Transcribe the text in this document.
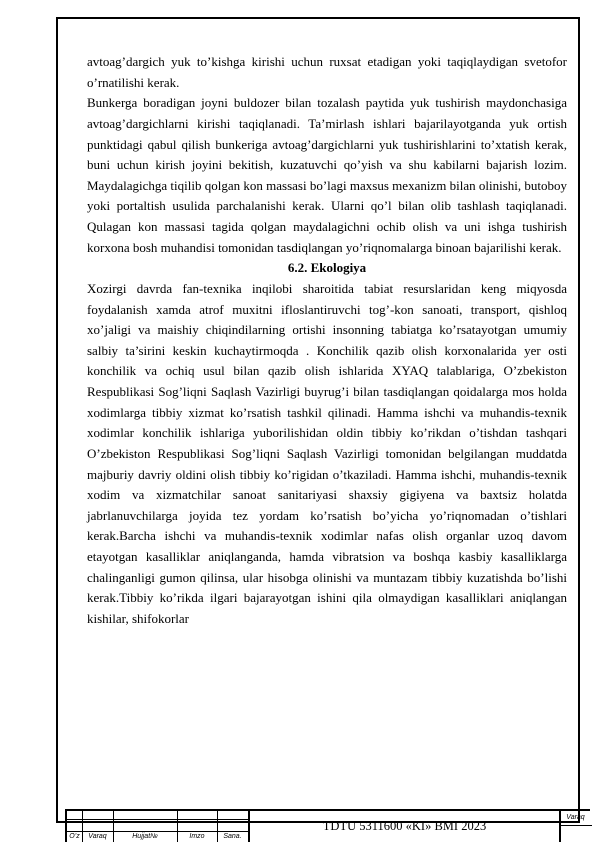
avtoag’dargich yuk to’kishga kirishi uchun ruxsat etadigan yoki taqiqlaydigan svetofor o’rnatilishi kerak.

Bunkerga boradigan joyni buldozer bilan tozalash paytida yuk tushirish maydonchasiga avtoag’dargichlarni kirishi taqiqlanadi. Ta’mirlash ishlari bajarilayotganda yuk ortish punktidagi qabul qilish bunkeriga avtoag’dargichlarni yuk tushirishlarini to’xtatish kerak, buni uchun kirish joyini bekitish, kuzatuvchi qo’yish va shu kabilarni bajarish lozim. Maydalagichga tiqilib qolgan kon massasi bo’lagi maxsus mexanizm bilan olinishi, butoboy yoki portaltish usulida parchalanishi kerak. Ularni qo’l bilan olib tashlash taqiqlanadi. Qulagan kon massasi tagida qolgan maydalagichni ochib olish va uni ishga tushirish korxona bosh muhandisi tomonidan tasdiqlangan yo’riqnomalarga binoan bajarilishi kerak.

6.2. Ekologiya

Xozirgi davrda fan-texnika inqilobi sharoitida tabiat resurslaridan keng miqyosda foydalanish xamda atrof muxitni ifloslantiruvchi tog’-kon sanoati, transport, qishloq xo’jaligi va maishiy chiqindilarning ortishi insonning tabiatga ko’rsatayotgan umumiy salbiy ta’sirini keskin kuchaytirmoqda . Konchilik qazib olish korxonalarida yer osti konchilik va ochiq usul bilan qazib olish ishlarida XYAQ talablariga, O’zbekiston Respublikasi Sog’liqni Saqlash Vazirligi buyrug’i bilan tasdiqlangan qoidalarga mos holda xodimlarga tibbiy xizmat ko’rsatish tashkil qilinadi. Hamma ishchi va muhandis-texnik xodimlar konchilik ishlariga yuborilishidan oldin tibbiy ko’rikdan o’tishdan tashqari O’zbekiston Respublikasi Sog’liqni Saqlash Vazirligi tomonidan belgilangan muddatda majburiy davriy oldini olish tibbiy ko’rigidan o’tkaziladi. Hamma ishchi, muhandis-texnik xodim va xizmatchilar sanoat sanitariyasi shaxsiy gigiyena va baxtsiz holatda jabrlanuvchilarga joyida tez yordam ko’rsatish bo’yicha yo’riqnomadan o’tishlari kerak.Barcha ishchi va muhandis-texnik xodimlar nafas olish organlar uzoq davom etayotgan kasalliklar aniqlanganda, hamda vibratsion va boshqa kasbiy kasalliklarga chalinganligi gumon qilinsa, ular hisobga olinishi va muntazam tibbiy kuzatishda bo’lishi kerak.Tibbiy ko’rikda ilgari bajarayotgan ishini qila olmaydigan kasalliklari aniqlangan kishilar, shifokorlar

O’z	Varaq	Hujjat№	Imzo	Sana.
TDTU 5311600 «KI» BMI 2023
Varaq
